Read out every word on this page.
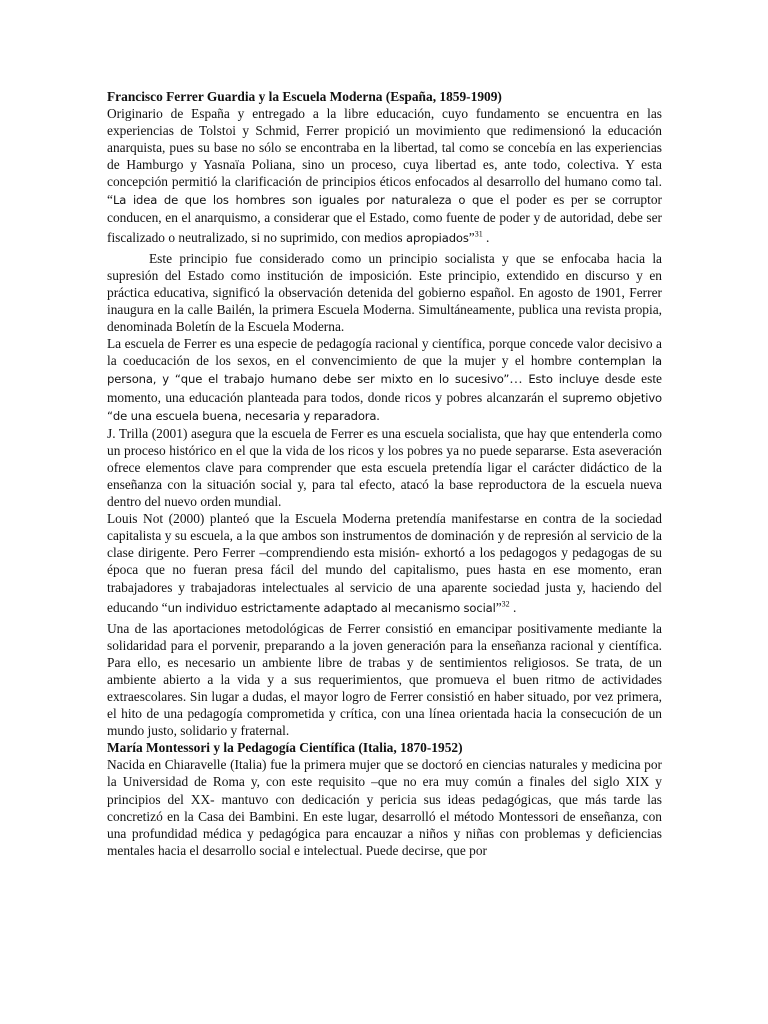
Francisco Ferrer Guardia y la Escuela Moderna (España, 1859-1909)

Originario de España y entregado a la libre educación, cuyo fundamento se encuentra en las experiencias de Tolstoi y Schmid, Ferrer propició un movimiento que redimensionó la educación anarquista, pues su base no sólo se encontraba en la libertad, tal como se concebía en las experiencias de Hamburgo y Yasnaïa Poliana, sino un proceso, cuya libertad es, ante todo, colectiva. Y esta concepción permitió la clarificación de principios éticos enfocados al desarrollo del humano como tal. “La idea de que los hombres son iguales por naturaleza o que el poder es per se corruptor conducen, en el anarquismo, a considerar que el Estado, como fuente de poder y de autoridad, debe ser fiscalizado o neutralizado, si no suprimido, con medios apropiados”$^{31}$ .

Este principio fue considerado como un principio socialista y que se enfocaba hacia la supresión del Estado como institución de imposición. Este principio, extendido en discurso y en práctica educativa, significó la observación detenida del gobierno español. En agosto de 1901, Ferrer inaugura en la calle Bailén, la primera Escuela Moderna. Simultáneamente, publica una revista propia, denominada Boletín de la Escuela Moderna.

La escuela de Ferrer es una especie de pedagogía racional y científica, porque concede valor decisivo a la coeducación de los sexos, en el convencimiento de que la mujer y el hombre contemplan la persona, y “que el trabajo humano debe ser mixto en lo sucesivo”… Esto incluye desde este momento, una educación planteada para todos, donde ricos y pobres alcanzarán el supremo objetivo “de una escuela buena, necesaria y reparadora.

J. Trilla (2001) asegura que la escuela de Ferrer es una escuela socialista, que hay que entenderla como un proceso histórico en el que la vida de los ricos y los pobres ya no puede separarse. Esta aseveración ofrece elementos clave para comprender que esta escuela pretendía ligar el carácter didáctico de la enseñanza con la situación social y, para tal efecto, atacó la base reproductora de la escuela nueva dentro del nuevo orden mundial.

Louis Not (2000) planteó que la Escuela Moderna pretendía manifestarse en contra de la sociedad capitalista y su escuela, a la que ambos son instrumentos de dominación y de represión al servicio de la clase dirigente. Pero Ferrer –comprendiendo esta misión- exhortó a los pedagogos y pedagogas de su época que no fueran presa fácil del mundo del capitalismo, pues hasta en ese momento, eran trabajadores y trabajadoras intelectuales al servicio de una aparente sociedad justa y, haciendo del educando “un individuo estrictamente adaptado al mecanismo social”$^{32}$ .

Una de las aportaciones metodológicas de Ferrer consistió en emancipar positivamente mediante la solidaridad para el porvenir, preparando a la joven generación para la enseñanza racional y científica. Para ello, es necesario un ambiente libre de trabas y de sentimientos religiosos. Se trata, de un ambiente abierto a la vida y a sus requerimientos, que promueva el buen ritmo de actividades extraescolares. Sin lugar a dudas, el mayor logro de Ferrer consistió en haber situado, por vez primera, el hito de una pedagogía comprometida y crítica, con una línea orientada hacia la consecución de un mundo justo, solidario y fraternal.

María Montessori y la Pedagogía Científica (Italia, 1870-1952)

Nacida en Chiaravelle (Italia) fue la primera mujer que se doctoró en ciencias naturales y medicina por la Universidad de Roma y, con este requisito –que no era muy común a finales del siglo XIX y principios del XX- mantuvo con dedicación y pericia sus ideas pedagógicas, que más tarde las concretizó en la Casa dei Bambini. En este lugar, desarrolló el método Montessori de enseñanza, con una profundidad médica y pedagógica para encauzar a niños y niñas con problemas y deficiencias mentales hacia el desarrollo social e intelectual. Puede decirse, que por
